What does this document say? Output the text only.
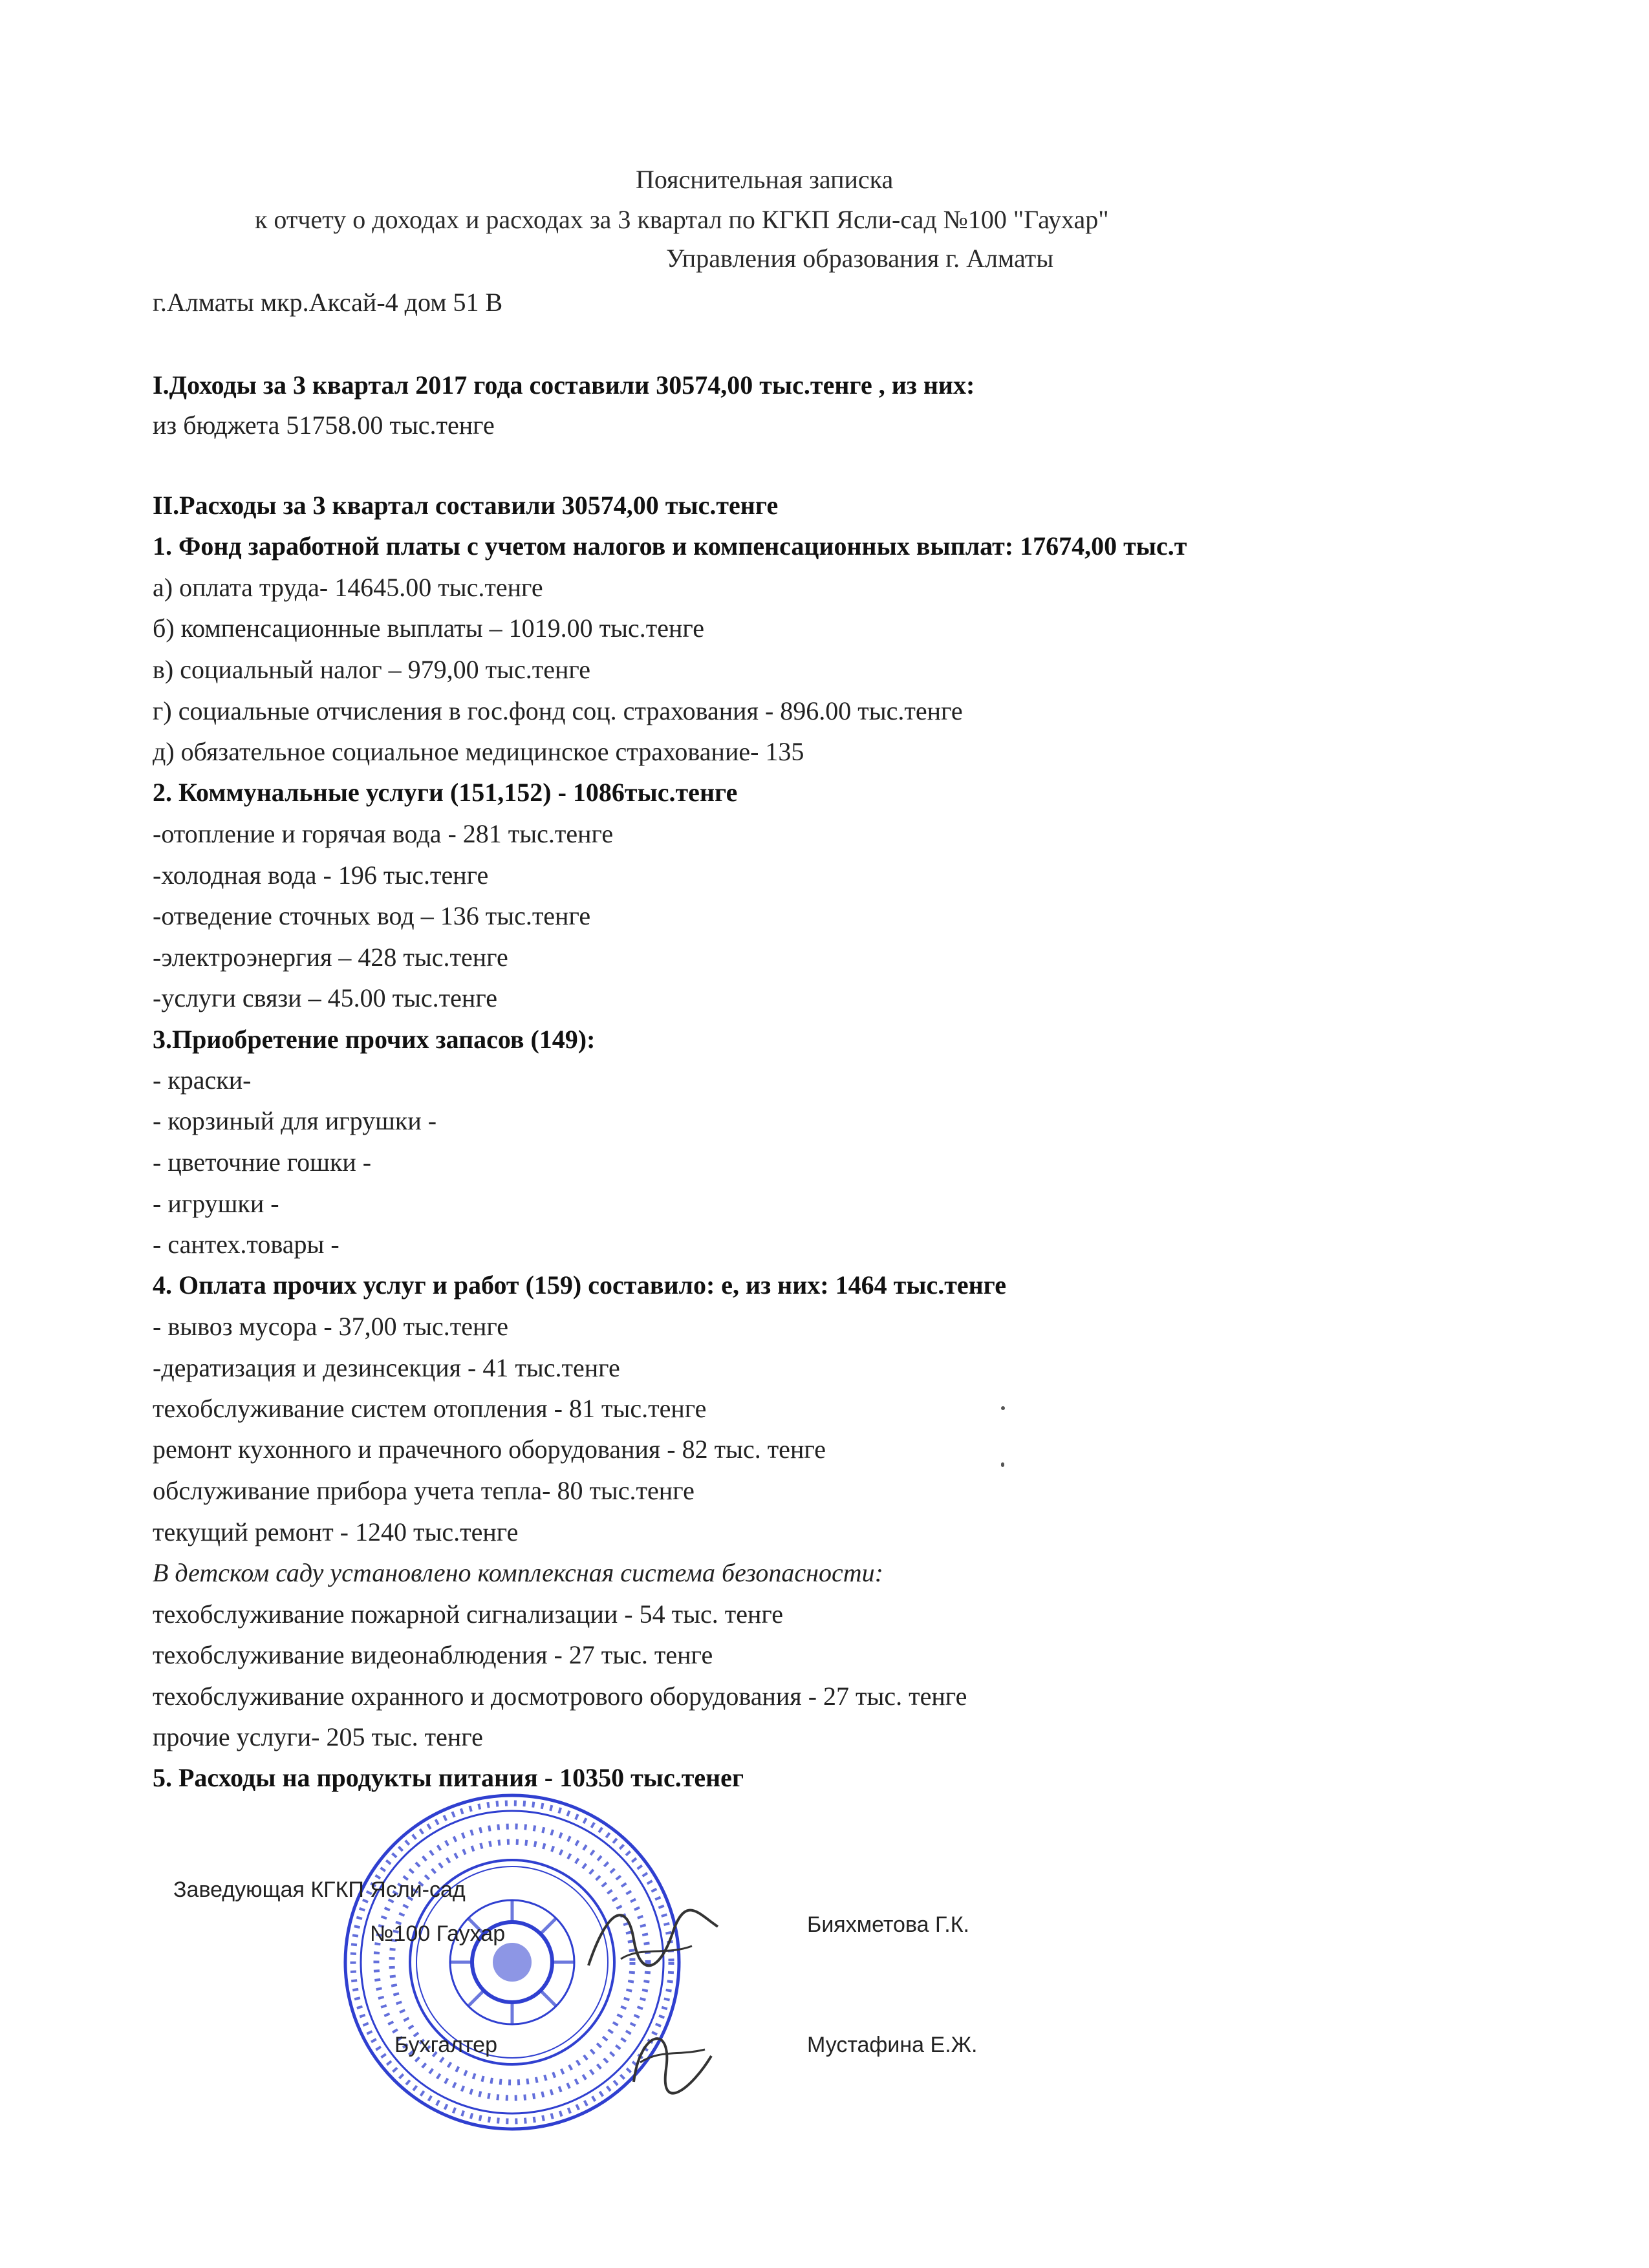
Пояснительная записка
к отчету о доходах и расходах за 3 квартал по КГКП Ясли-сад №100 "Гаухар"
Управления образования г. Алматы
г.Алматы мкр.Аксай-4 дом 51 В
I.Доходы за 3 квартал 2017 года составили 30574,00 тыс.тенге , из них:
из бюджета 51758.00 тыс.тенге
II.Расходы за 3 квартал составили 30574,00 тыс.тенге
1. Фонд заработной платы с учетом налогов и компенсационных выплат: 17674,00 тыс.т
а) оплата труда- 14645.00 тыс.тенге
б) компенсационные выплаты – 1019.00 тыс.тенге
в) социальный налог – 979,00 тыс.тенге
г) социальные отчисления в гос.фонд соц. страхования - 896.00 тыс.тенге
д) обязательное социальное медицинское страхование- 135
2. Коммунальные услуги (151,152) - 1086тыс.тенге
-отопление и горячая вода - 281 тыс.тенге
-холодная вода - 196 тыс.тенге
-отведение сточных вод – 136 тыс.тенге
-электроэнергия – 428 тыс.тенге
-услуги связи – 45.00 тыс.тенге
3.Приобретение прочих запасов (149):
- краски-
- корзиный для игрушки -
- цветочние гошки -
- игрушки -
- сантех.товары -
4. Оплата прочих услуг и работ (159) составило: е, из них: 1464 тыс.тенге
- вывоз мусора - 37,00 тыс.тенге
-дератизация и дезинсекция - 41 тыс.тенге
техобслуживание систем отопления - 81 тыс.тенге
ремонт кухонного и прачечного оборудования - 82 тыс. тенге
обслуживание прибора учета тепла- 80 тыс.тенге
текущий ремонт - 1240 тыс.тенге
В детском саду установлено комплексная система безопасности:
техобслуживание пожарной сигнализации - 54 тыс. тенге
техобслуживание видеонаблюдения - 27 тыс. тенге
техобслуживание охранного и досмотрового оборудования - 27 тыс. тенге
прочие услуги- 205 тыс. тенге
5. Расходы на продукты питания - 10350 тыс.тенег
Заведующая КГКП Ясли-сад
№100 Гаухар	Бияхметова Г.К.
Бухгалтер	Мустафина Е.Ж.
